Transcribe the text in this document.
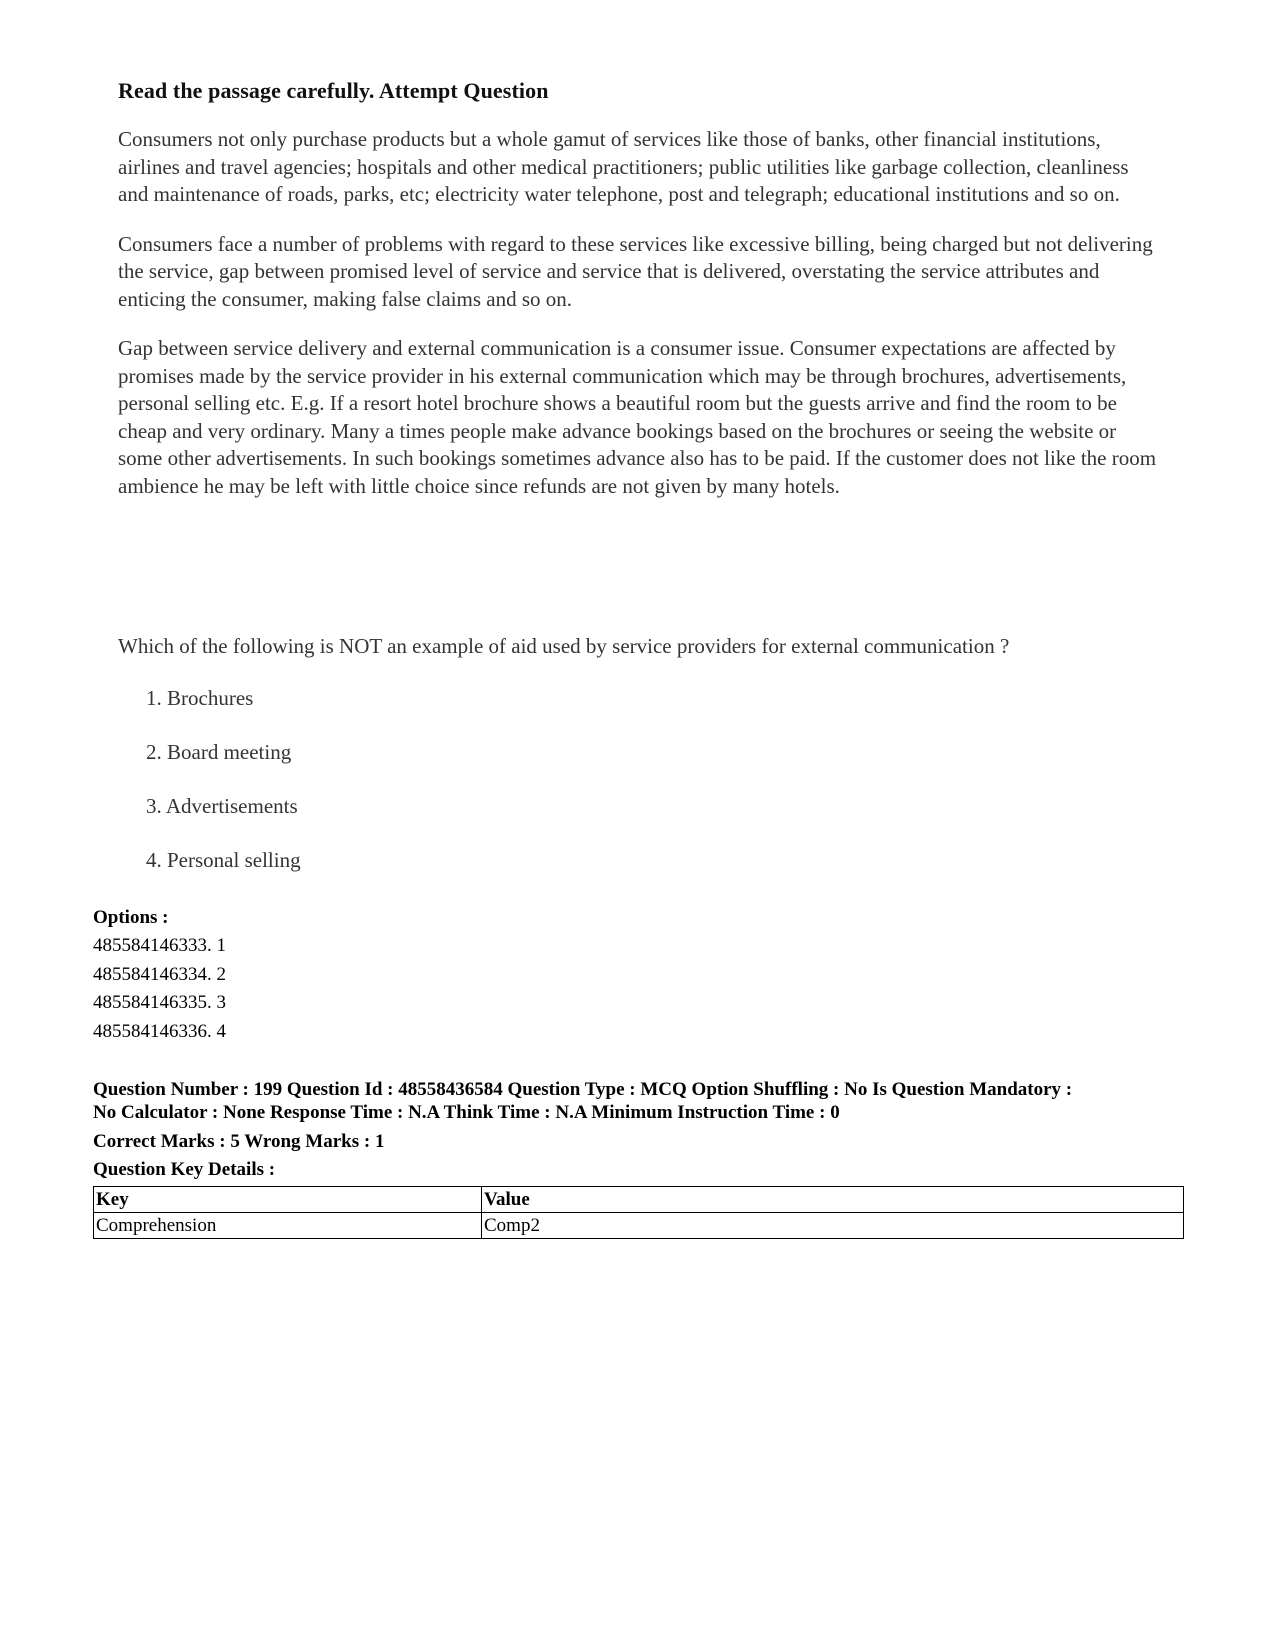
Read the passage carefully. Attempt Question

Consumers not only purchase products but a whole gamut of services like those of banks, other financial institutions, airlines and travel agencies; hospitals and other medical practitioners; public utilities like garbage collection, cleanliness and maintenance of roads, parks, etc; electricity water telephone, post and telegraph; educational institutions and so on.

Consumers face a number of problems with regard to these services like excessive billing, being charged but not delivering the service, gap between promised level of service and service that is delivered, overstating the service attributes and enticing the consumer, making false claims and so on.

Gap between service delivery and external communication is a consumer issue. Consumer expectations are affected by promises made by the service provider in his external communication which may be through brochures, advertisements, personal selling etc. E.g. If a resort hotel brochure shows a beautiful room but the guests arrive and find the room to be cheap and very ordinary. Many a times people make advance bookings based on the brochures or seeing the website or some other advertisements. In such bookings sometimes advance also has to be paid. If the customer does not like the room ambience he may be left with little choice since refunds are not given by many hotels.

Which of the following is NOT an example of aid used by service providers for external communication ?
1. Brochures
2. Board meeting
3. Advertisements
4. Personal selling
Options :
485584146333. 1
485584146334. 2
485584146335. 3
485584146336. 4
Question Number : 199 Question Id : 48558436584 Question Type : MCQ Option Shuffling : No Is Question Mandatory :
No Calculator : None Response Time : N.A Think Time : N.A Minimum Instruction Time : 0
Correct Marks : 5 Wrong Marks : 1
Question Key Details :
Key	Value
Comprehension	Comp2
